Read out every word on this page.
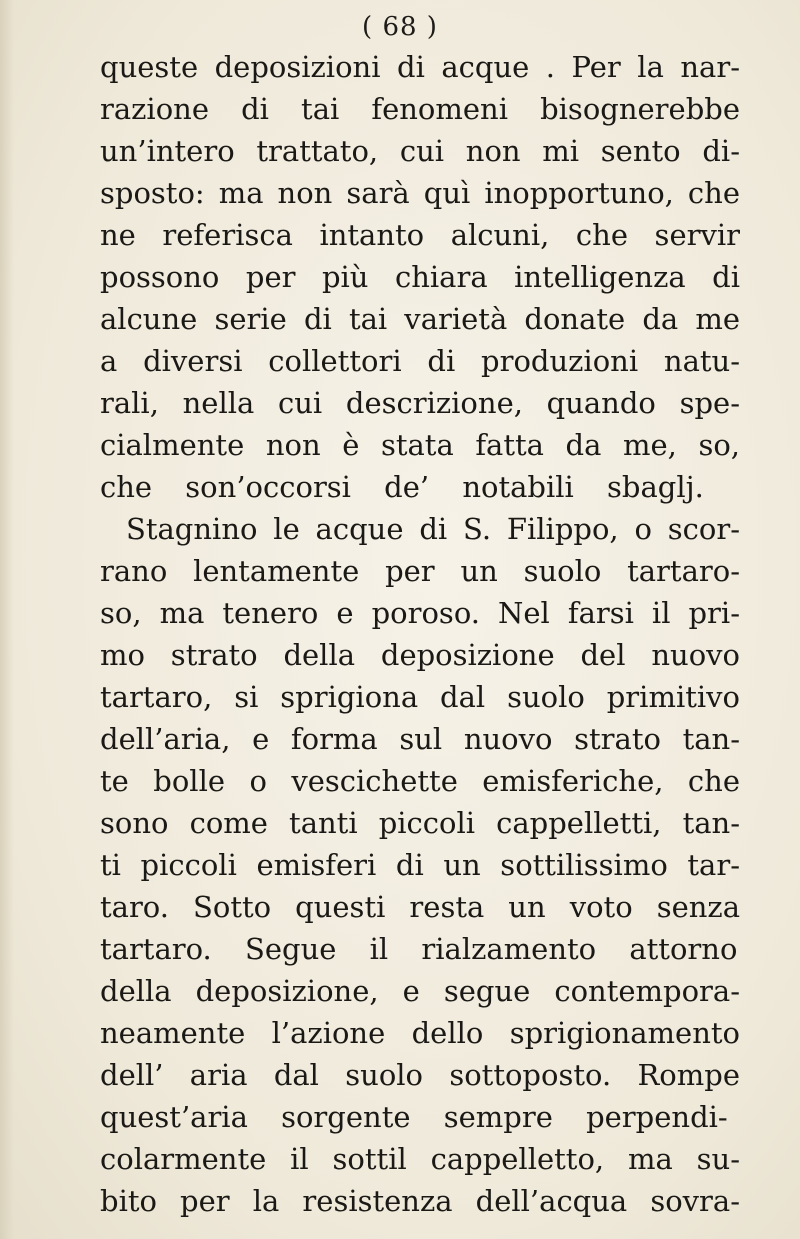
( 68 )
queste deposizioni di acque . Per la nar-
razione di tai fenomeni bisognerebbe
un’intero trattato, cui non mi sento di-
sposto: ma non sarà quì inopportuno, che
ne referisca intanto alcuni, che servir
possono per più chiara intelligenza di
alcune serie di tai varietà donate da me
a diversi collettori di produzioni natu-
rali, nella cui descrizione, quando spe-
cialmente non è stata fatta da me, so,
che son’occorsi de’ notabili sbaglj.
Stagnino le acque di S. Filippo, o scor-
rano lentamente per un suolo tartaro-
so, ma tenero e poroso. Nel farsi il pri-
mo strato della deposizione del nuovo
tartaro, si sprigiona dal suolo primitivo
dell’aria, e forma sul nuovo strato tan-
te bolle o vescichette emisferiche, che
sono come tanti piccoli cappelletti, tan-
ti piccoli emisferi di un sottilissimo tar-
taro. Sotto questi resta un voto senza
tartaro. Segue il rialzamento attorno
della deposizione, e segue contempora-
neamente l’azione dello sprigionamento
dell’ aria dal suolo sottoposto. Rompe
quest’aria sorgente sempre perpendi-
colarmente il sottil cappelletto, ma su-
bito per la resistenza dell’acqua sovra-
